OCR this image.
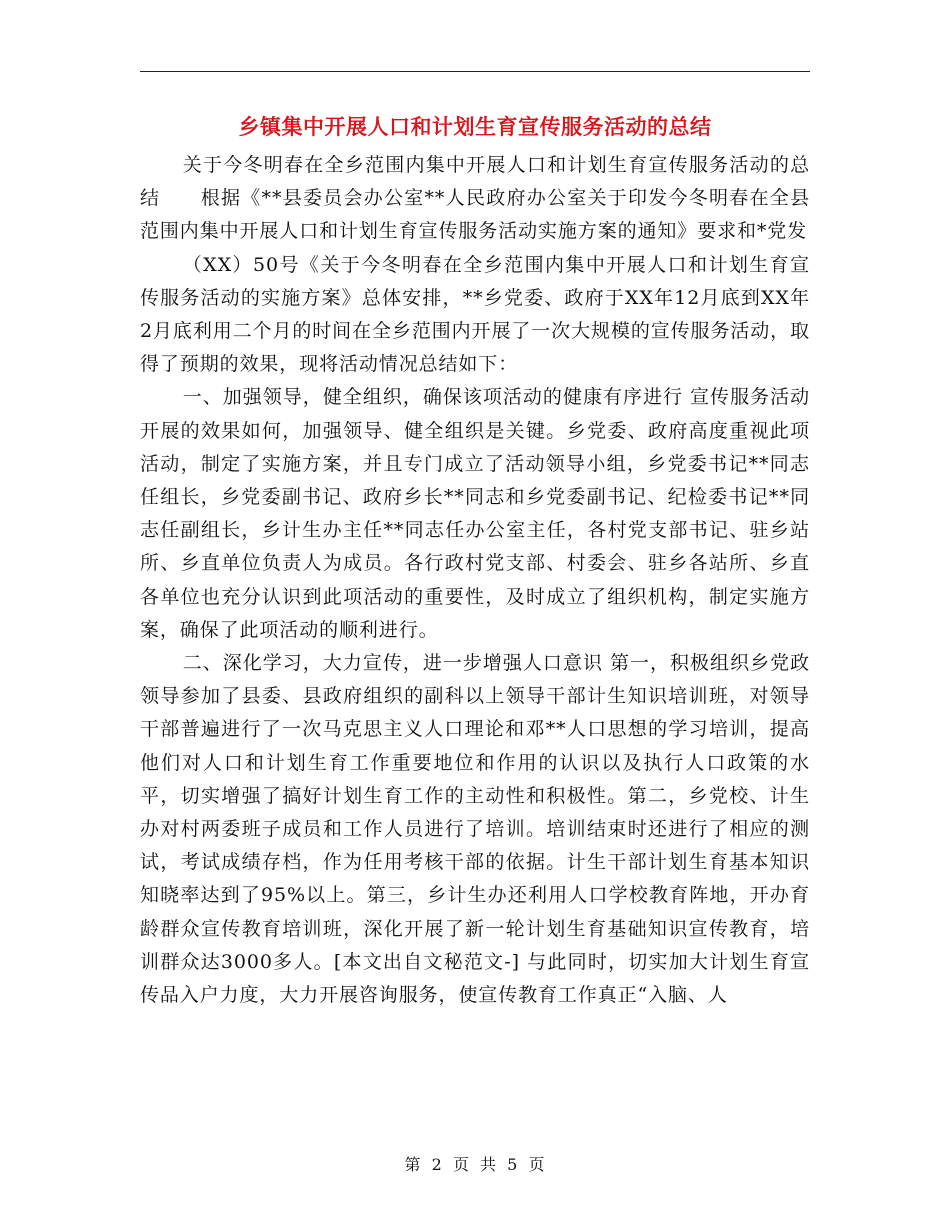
乡镇集中开展人口和计划生育宣传服务活动的总结

关于今冬明春在全乡范围内集中开展人口和计划生育宣传服务活动的总结　　根据《**县委员会办公室**人民政府办公室关于印发今冬明春在全县范围内集中开展人口和计划生育宣传服务活动实施方案的通知》要求和*党发

（XX）50号《关于今冬明春在全乡范围内集中开展人口和计划生育宣传服务活动的实施方案》总体安排，**乡党委、政府于XX年12月底到XX年2月底利用二个月的时间在全乡范围内开展了一次大规模的宣传服务活动，取得了预期的效果，现将活动情况总结如下：

一、加强领导，健全组织，确保该项活动的健康有序进行 宣传服务活动开展的效果如何，加强领导、健全组织是关键。乡党委、政府高度重视此项活动，制定了实施方案，并且专门成立了活动领导小组，乡党委书记**同志任组长，乡党委副书记、政府乡长**同志和乡党委副书记、纪检委书记**同志任副组长，乡计生办主任**同志任办公室主任，各村党支部书记、驻乡站所、乡直单位负责人为成员。各行政村党支部、村委会、驻乡各站所、乡直各单位也充分认识到此项活动的重要性，及时成立了组织机构，制定实施方案，确保了此项活动的顺利进行。

二、深化学习，大力宣传，进一步增强人口意识 第一，积极组织乡党政领导参加了县委、县政府组织的副科以上领导干部计生知识培训班，对领导干部普遍进行了一次马克思主义人口理论和邓**人口思想的学习培训，提高他们对人口和计划生育工作重要地位和作用的认识以及执行人口政策的水平，切实增强了搞好计划生育工作的主动性和积极性。第二，乡党校、计生办对村两委班子成员和工作人员进行了培训。培训结束时还进行了相应的测试，考试成绩存档，作为任用考核干部的依据。计生干部计划生育基本知识知晓率达到了95%以上。第三，乡计生办还利用人口学校教育阵地，开办育龄群众宣传教育培训班，深化开展了新一轮计划生育基础知识宣传教育，培训群众达3000多人。[本文出自文秘范文-] 与此同时，切实加大计划生育宣传品入户力度，大力开展咨询服务，使宣传教育工作真正“入脑、人

第 2 页 共 5 页
